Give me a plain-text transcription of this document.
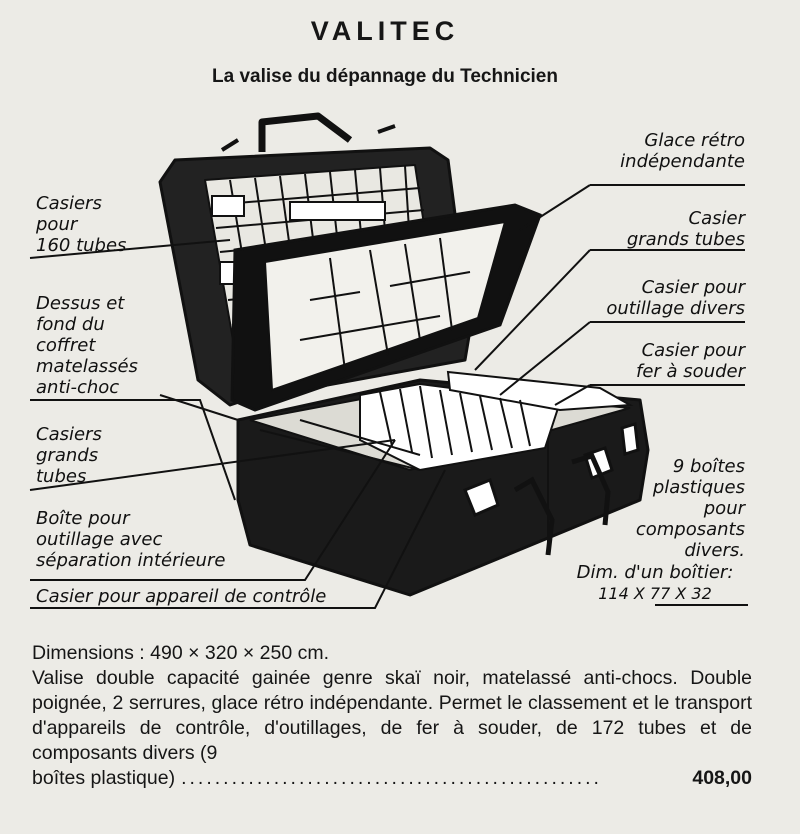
VALITEC
La valise du dépannage du Technicien
Glace rétro
indépendante
Casier
grands tubes
Casier pour
outillage divers
Casier pour
fer à souder
9 boîtes
plastiques
pour
composants
divers.
Dim. d'un boîtier:
114 X 77 X 32
Casiers
pour
160 tubes
Dessus et
fond du
coffret
matelassés
anti-choc
Casiers
grands
tubes
Boîte pour
outillage avec
séparation intérieure
Casier pour appareil de contrôle

Dimensions : 490 × 320 × 250 cm.

Valise double capacité gainée genre skaï noir, matelassé anti-chocs. Double poignée, 2 serrures, glace rétro indépendante. Permet le classement et le transport d'appareils de contrôle, d'outillages, de fer à souder, de 172 tubes et de composants divers (9

boîtes plastique) ..................................................	408,00
